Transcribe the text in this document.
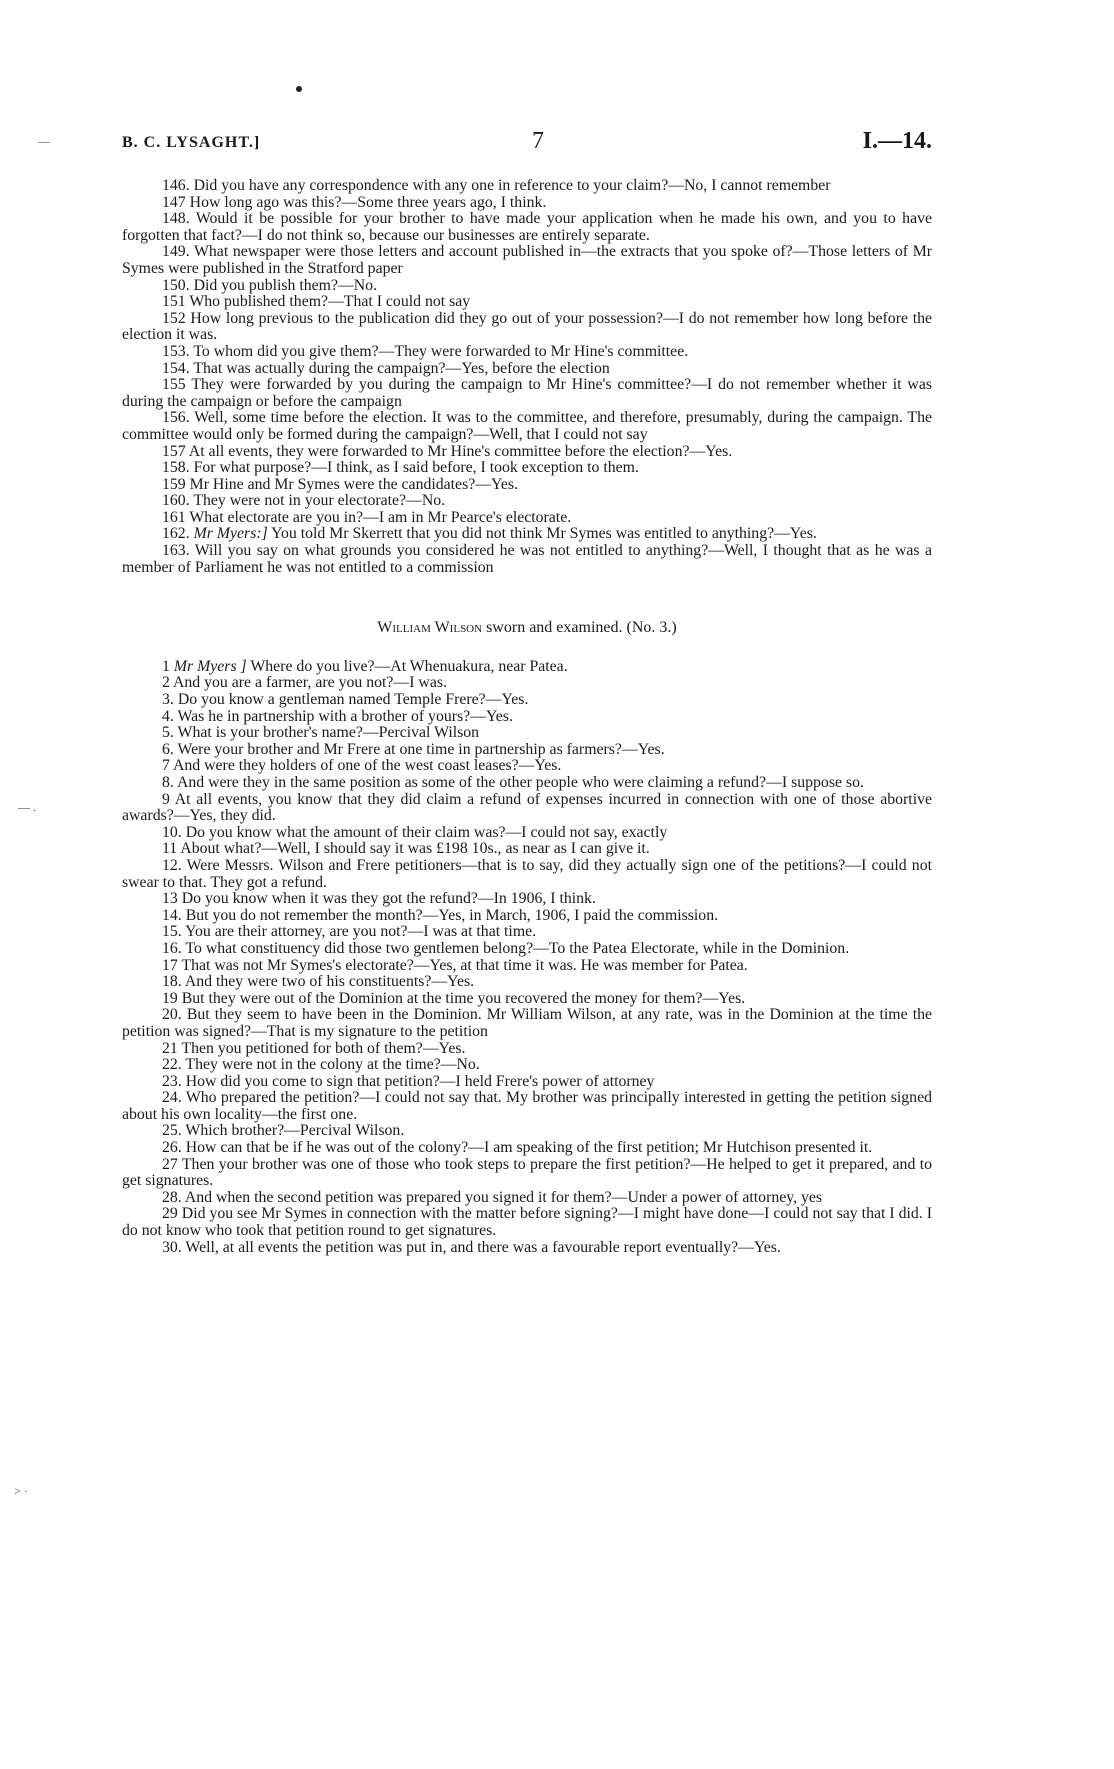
—
— .
> ·
B. C. LYSAGHT.]	7	I.—14.

146. Did you have any correspondence with any one in reference to your claim?—No, I cannot remember

147 How long ago was this?—Some three years ago, I think.

148. Would it be possible for your brother to have made your application when he made his own, and you to have forgotten that fact?—I do not think so, because our businesses are entirely separate.

149. What newspaper were those letters and account published in—the extracts that you spoke of?—Those letters of Mr Symes were published in the Stratford paper

150. Did you publish them?—No.

151 Who published them?—That I could not say

152 How long previous to the publication did they go out of your possession?—I do not remember how long before the election it was.

153. To whom did you give them?—They were forwarded to Mr Hine's committee.

154. That was actually during the campaign?—Yes, before the election

155 They were forwarded by you during the campaign to Mr Hine's committee?—I do not remember whether it was during the campaign or before the campaign

156. Well, some time before the election. It was to the committee, and therefore, presumably, during the campaign. The committee would only be formed during the campaign?—Well, that I could not say

157 At all events, they were forwarded to Mr Hine's committee before the election?—Yes.

158. For what purpose?—I think, as I said before, I took exception to them.

159 Mr Hine and Mr Symes were the candidates?—Yes.

160. They were not in your electorate?—No.

161 What electorate are you in?—I am in Mr Pearce's electorate.

162. Mr Myers:] You told Mr Skerrett that you did not think Mr Symes was entitled to anything?—Yes.

163. Will you say on what grounds you considered he was not entitled to anything?—Well, I thought that as he was a member of Parliament he was not entitled to a commission

William Wilson sworn and examined. (No. 3.)

1 Mr Myers ] Where do you live?—At Whenuakura, near Patea.

2 And you are a farmer, are you not?—I was.

3. Do you know a gentleman named Temple Frere?—Yes.

4. Was he in partnership with a brother of yours?—Yes.

5. What is your brother's name?—Percival Wilson

6. Were your brother and Mr Frere at one time in partnership as farmers?—Yes.

7 And were they holders of one of the west coast leases?—Yes.

8. And were they in the same position as some of the other people who were claiming a refund?—I suppose so.

9 At all events, you know that they did claim a refund of expenses incurred in connection with one of those abortive awards?—Yes, they did.

10. Do you know what the amount of their claim was?—I could not say, exactly

11 About what?—Well, I should say it was £198 10s., as near as I can give it.

12. Were Messrs. Wilson and Frere petitioners—that is to say, did they actually sign one of the petitions?—I could not swear to that. They got a refund.

13 Do you know when it was they got the refund?—In 1906, I think.

14. But you do not remember the month?—Yes, in March, 1906, I paid the commission.

15. You are their attorney, are you not?—I was at that time.

16. To what constituency did those two gentlemen belong?—To the Patea Electorate, while in the Dominion.

17 That was not Mr Symes's electorate?—Yes, at that time it was. He was member for Patea.

18. And they were two of his constituents?—Yes.

19 But they were out of the Dominion at the time you recovered the money for them?—Yes.

20. But they seem to have been in the Dominion. Mr William Wilson, at any rate, was in the Dominion at the time the petition was signed?—That is my signature to the petition

21 Then you petitioned for both of them?—Yes.

22. They were not in the colony at the time?—No.

23. How did you come to sign that petition?—I held Frere's power of attorney

24. Who prepared the petition?—I could not say that. My brother was principally interested in getting the petition signed about his own locality—the first one.

25. Which brother?—Percival Wilson.

26. How can that be if he was out of the colony?—I am speaking of the first petition; Mr Hutchison presented it.

27 Then your brother was one of those who took steps to prepare the first petition?—He helped to get it prepared, and to get signatures.

28. And when the second petition was prepared you signed it for them?—Under a power of attorney, yes

29 Did you see Mr Symes in connection with the matter before signing?—I might have done—I could not say that I did. I do not know who took that petition round to get signatures.

30. Well, at all events the petition was put in, and there was a favourable report eventually?—Yes.
